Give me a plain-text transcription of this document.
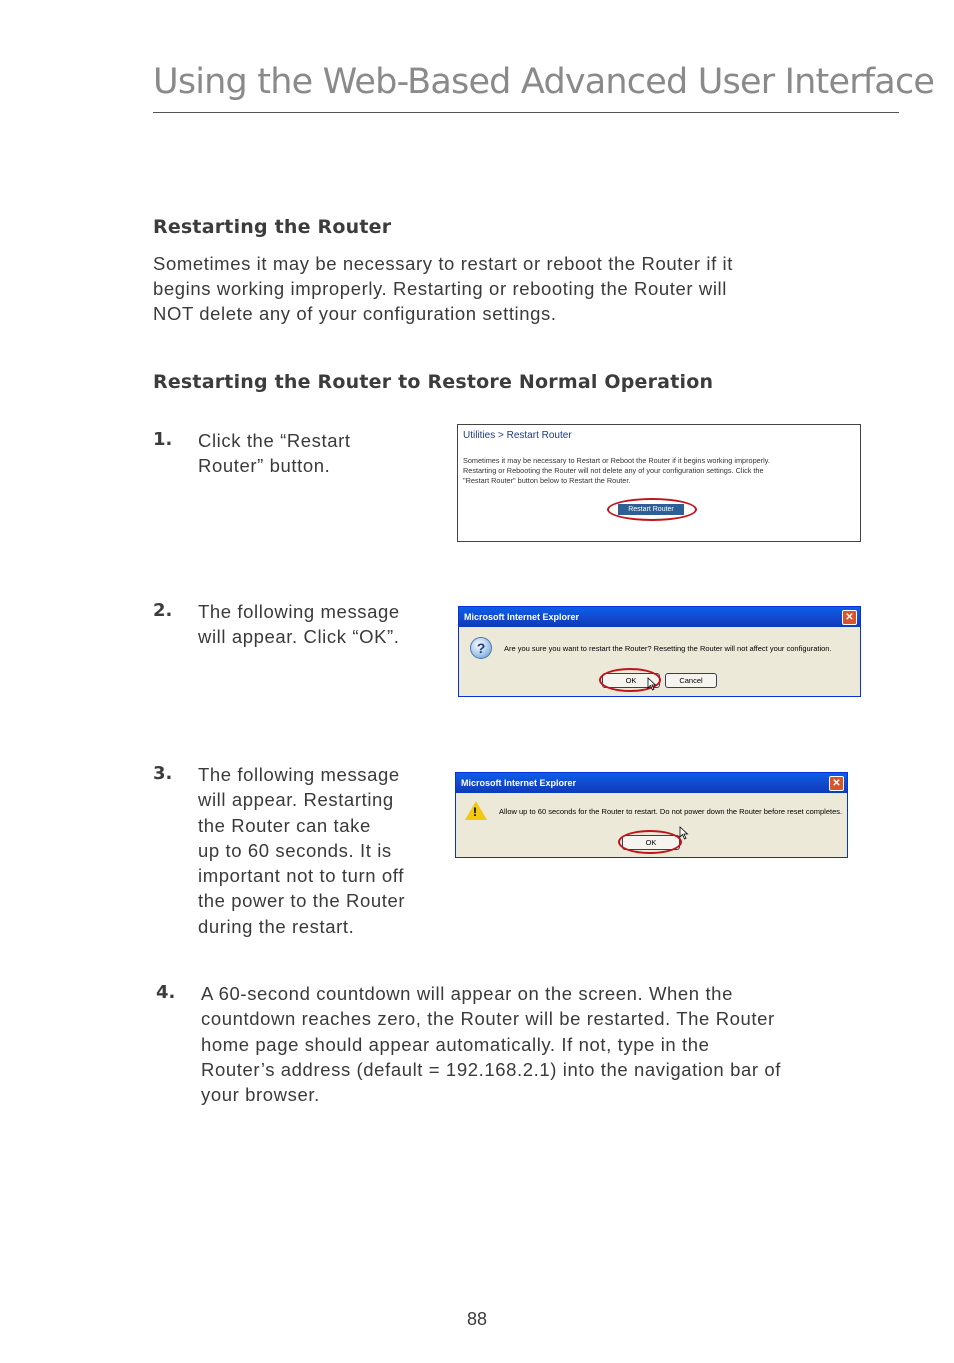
Using the Web-Based Advanced User Interface
Restarting the Router
Sometimes it may be necessary to restart or reboot the Router if it
begins working improperly. Restarting or rebooting the Router will
NOT delete any of your configuration settings.
Restarting the Router to Restore Normal Operation
1. Click the “Restart
Router” button.
Utilities > Restart Router
Sometimes it may be necessary to Restart or Reboot the Router if it begins working improperly.
Restarting or Rebooting the Router will not delete any of your configuration settings. Click the
"Restart Router" button below to Restart the Router.
Restart Router
2. The following message
will appear. Click “OK”.
Microsoft Internet Explorer	✕
?	Are you sure you want to restart the Router? Resetting the Router will not affect your configuration.
OK	Cancel
3. The following message
will appear. Restarting
the Router can take
up to 60 seconds. It is
important not to turn off
the power to the Router
during the restart.
Microsoft Internet Explorer	✕
!	Allow up to 60 seconds for the Router to restart. Do not power down the Router before reset completes.
OK
4. A 60-second countdown will appear on the screen. When the
countdown reaches zero, the Router will be restarted. The Router
home page should appear automatically. If not, type in the
Router’s address (default = 192.168.2.1) into the navigation bar of
your browser.
88
